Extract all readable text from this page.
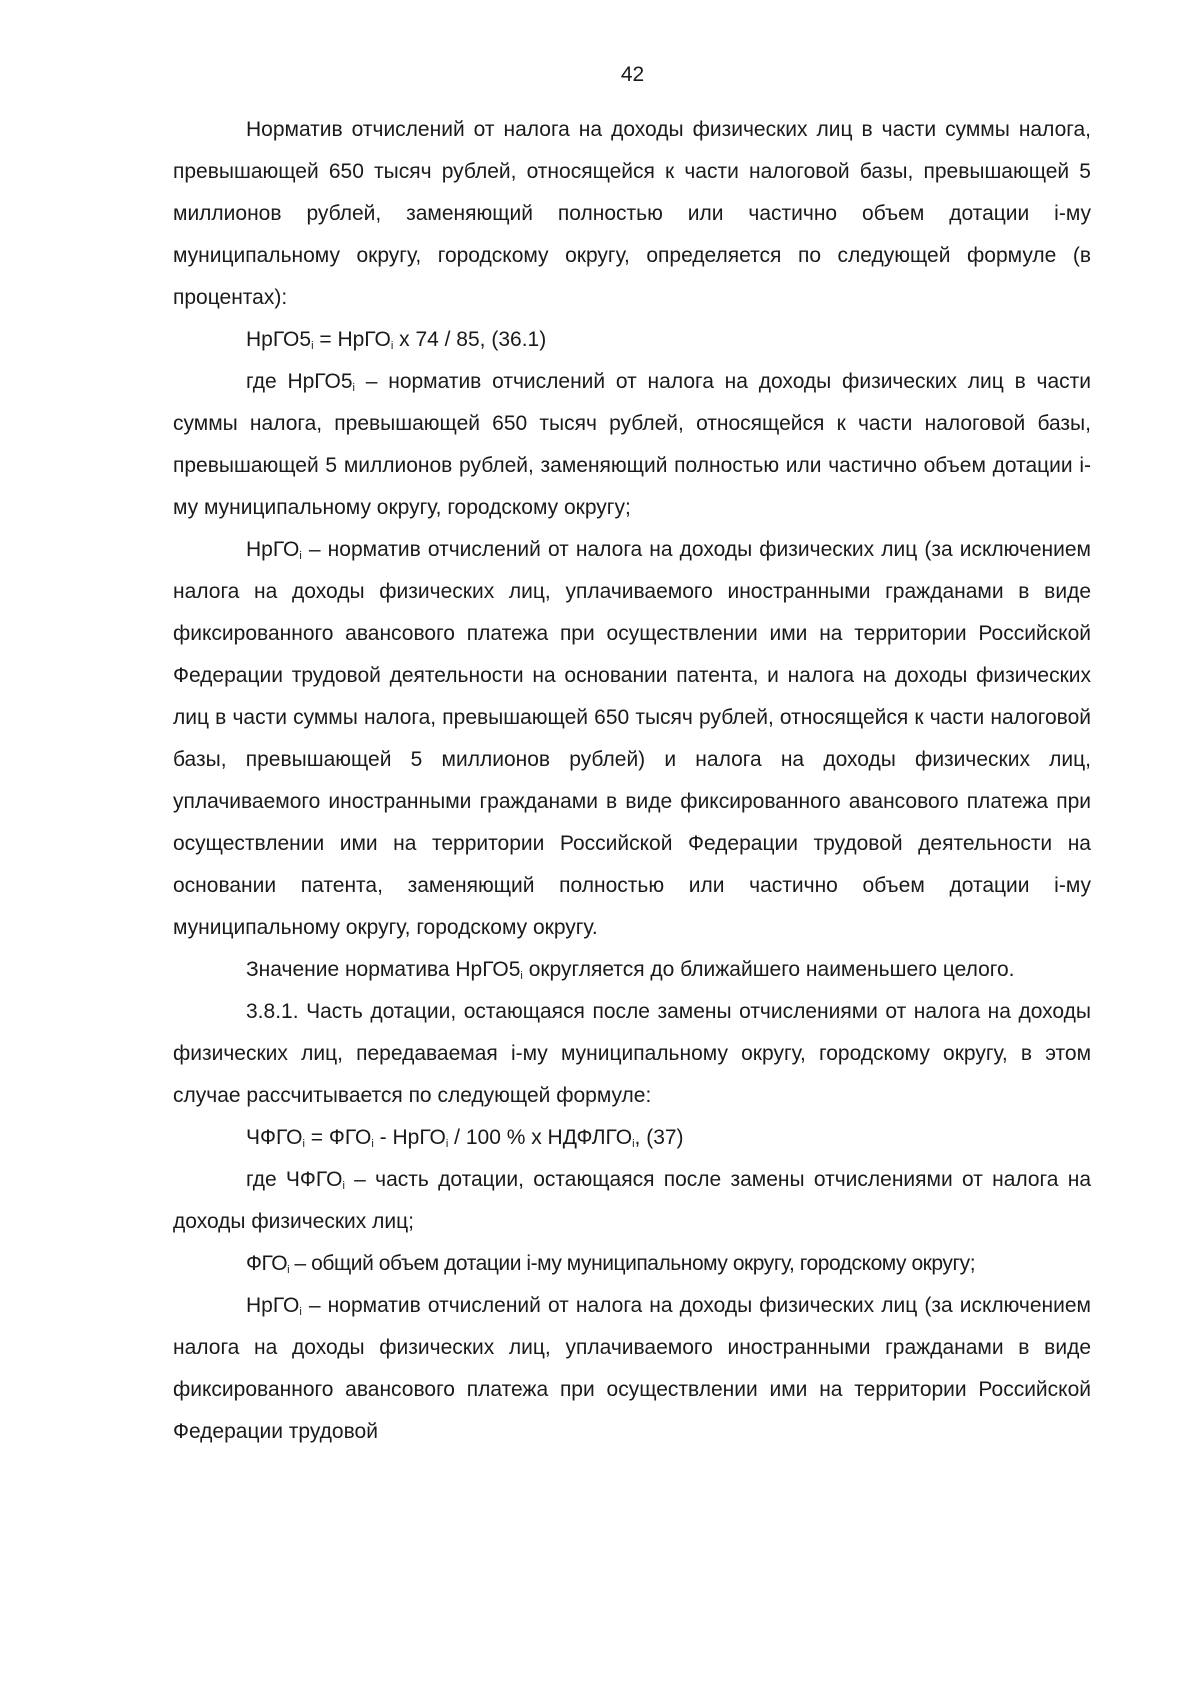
42

Норматив отчислений от налога на доходы физических лиц в части суммы налога, превышающей 650 тысяч рублей, относящейся к части налоговой базы, превышающей 5 миллионов рублей, заменяющий полностью или частично объем дотации i-му муниципальному округу, городскому округу, определяется по следующей формуле (в процентах):

$НрГО5_i$ = НрГО$_i$ x 74 / 85, (36.1)

где $НрГО5_i$ – норматив отчислений от налога на доходы физических лиц в части суммы налога, превышающей 650 тысяч рублей, относящейся к части налоговой базы, превышающей 5 миллионов рублей, заменяющий полностью или частично объем дотации i-му муниципальному округу, городскому округу;

НрГО$_i$ – норматив отчислений от налога на доходы физических лиц (за исключением налога на доходы физических лиц, уплачиваемого иностранными гражданами в виде фиксированного авансового платежа при осуществлении ими на территории Российской Федерации трудовой деятельности на основании патента, и налога на доходы физических лиц в части суммы налога, превышающей 650 тысяч рублей, относящейся к части налоговой базы, превышающей 5 миллионов рублей) и налога на доходы физических лиц, уплачиваемого иностранными гражданами в виде фиксированного авансового платежа при осуществлении ими на территории Российской Федерации трудовой деятельности на основании патента, заменяющий полностью или частично объем дотации i-му муниципальному округу, городскому округу.

Значение норматива $НрГО5_i$ округляется до ближайшего наименьшего целого.

3.8.1. Часть дотации, остающаяся после замены отчислениями от налога на доходы физических лиц, передаваемая i-му муниципальному округу, городскому округу, в этом случае рассчитывается по следующей формуле:

$ЧФГО_i = ФГО_i$ - НрГО$_i$ / 100 % x $НДФЛГО_i$, (37)

где $ЧФГО_i$ – часть дотации, остающаяся после замены отчислениями от налога на доходы физических лиц;

$ФГО_i$ – общий объем дотации i-му муниципальному округу, городскому округу;

НрГО$_i$ – норматив отчислений от налога на доходы физических лиц (за исключением налога на доходы физических лиц, уплачиваемого иностранными гражданами в виде фиксированного авансового платежа при осуществлении ими на территории Российской Федерации трудовой
